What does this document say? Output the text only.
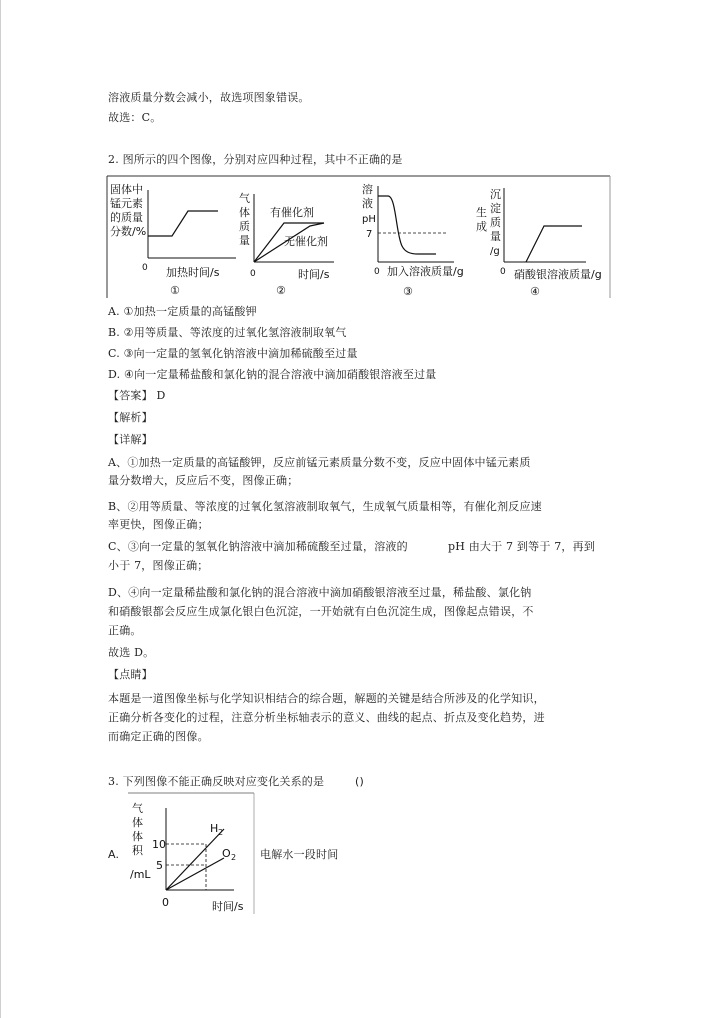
溶液质量分数会减小，故选项图象错误。
故选：C。
2. 图所示的四个图像，分别对应四种过程，其中不正确的是
固体中
锰元素
的质量
分数/%
0 加热时间/s
①
气
体
质
量
有催化剂
无催化剂
0	时间/s
②
溶
液
pH
7
0 加入溶液质量/g
③
沉
淀
质
量
/g
生
成
0 硝酸银溶液质量/g
④
A. ①加热一定质量的高锰酸钾
B. ②用等质量、等浓度的过氧化氢溶液制取氧气
C. ③向一定量的氢氧化钠溶液中滴加稀硫酸至过量
D. ④向一定量稀盐酸和氯化钠的混合溶液中滴加硝酸银溶液至过量
【答案】 D
【解析】
【详解】
A、①加热一定质量的高锰酸钾，反应前锰元素质量分数不变，反应中固体中锰元素质
量分数增大，反应后不变，图像正确；
B、②用等质量、等浓度的过氧化氢溶液制取氧气，生成氧气质量相等，有催化剂反应速
率更快，图像正确；
C、③向一定量的氢氧化钠溶液中滴加稀硫酸至过量，溶液的	pH 由大于 7 到等于 7，再到
小于 7，图像正确；
D、④向一定量稀盐酸和氯化钠的混合溶液中滴加硝酸银溶液至过量，稀盐酸、氯化钠
和硝酸银都会反应生成氯化银白色沉淀，一开始就有白色沉淀生成，图像起点错误，不
正确。
故选 D。
【点睛】
本题是一道图像坐标与化学知识相结合的综合题，解题的关键是结合所涉及的化学知识，
正确分析各变化的过程，注意分析坐标轴表示的意义、曲线的起点、折点及变化趋势，进
而确定正确的图像。
3. 下列图像不能正确反映对应变化关系的是	()
A.
气
体
体
积
/mL
10
5
H 2
O 2
0	时间/s
电解水一段时间
